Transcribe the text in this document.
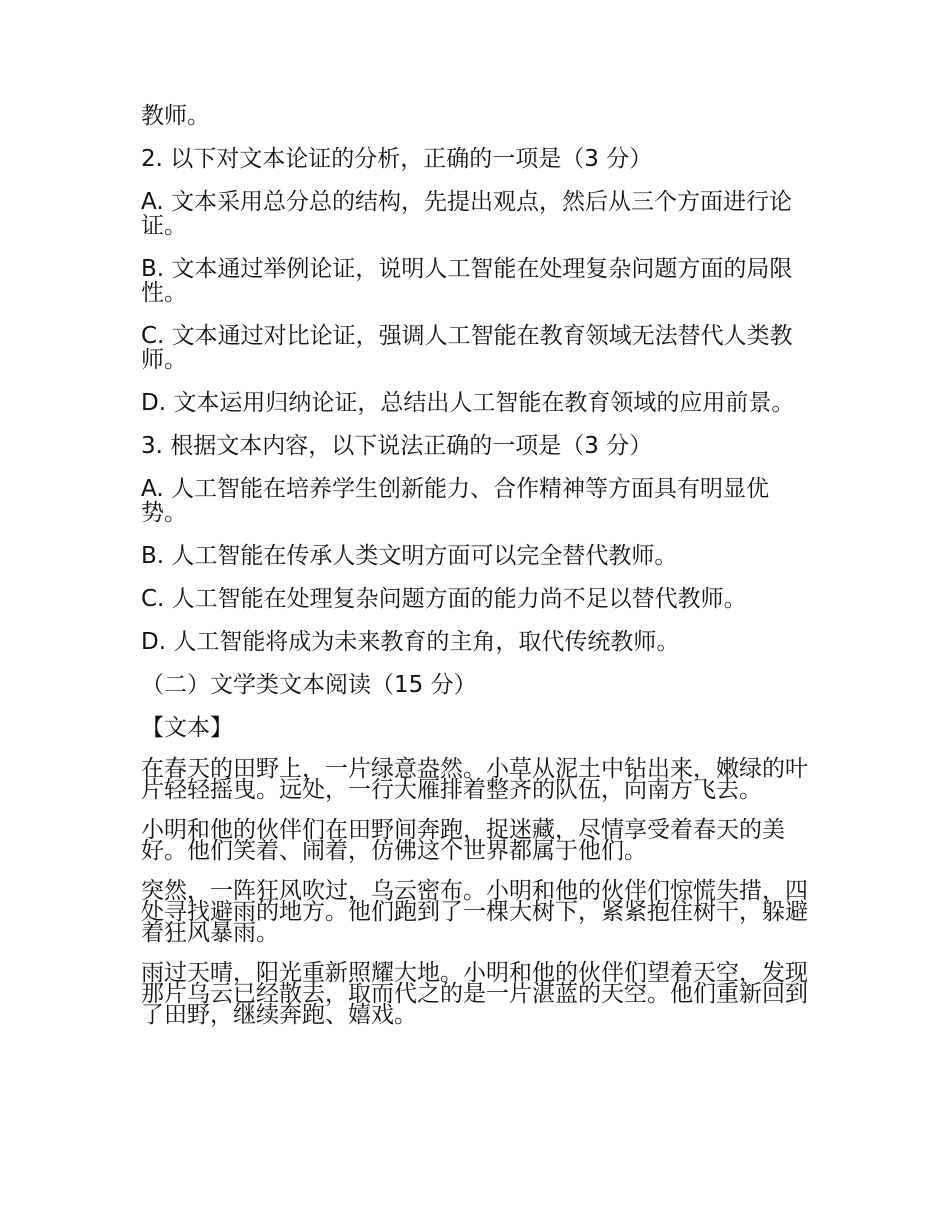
教师。

2. 以下对文本论证的分析，正确的一项是（3 分）

A. 文本采用总分总的结构，先提出观点，然后从三个方面进行论证。

B. 文本通过举例论证，说明人工智能在处理复杂问题方面的局限性。

C. 文本通过对比论证，强调人工智能在教育领域无法替代人类教师。

D. 文本运用归纳论证，总结出人工智能在教育领域的应用前景。

3. 根据文本内容，以下说法正确的一项是（3 分）

A. 人工智能在培养学生创新能力、合作精神等方面具有明显优势。

B. 人工智能在传承人类文明方面可以完全替代教师。

C. 人工智能在处理复杂问题方面的能力尚不足以替代教师。

D. 人工智能将成为未来教育的主角，取代传统教师。

（二）文学类文本阅读（15 分）

【文本】

在春天的田野上，一片绿意盎然。小草从泥土中钻出来，嫩绿的叶片轻轻摇曳。远处，一行大雁排着整齐的队伍，向南方飞去。

小明和他的伙伴们在田野间奔跑，捉迷藏，尽情享受着春天的美好。他们笑着、闹着，仿佛这个世界都属于他们。

突然，一阵狂风吹过，乌云密布。小明和他的伙伴们惊慌失措，四处寻找避雨的地方。他们跑到了一棵大树下，紧紧抱住树干，躲避着狂风暴雨。

雨过天晴，阳光重新照耀大地。小明和他的伙伴们望着天空，发现那片乌云已经散去，取而代之的是一片湛蓝的天空。他们重新回到了田野，继续奔跑、嬉戏。
